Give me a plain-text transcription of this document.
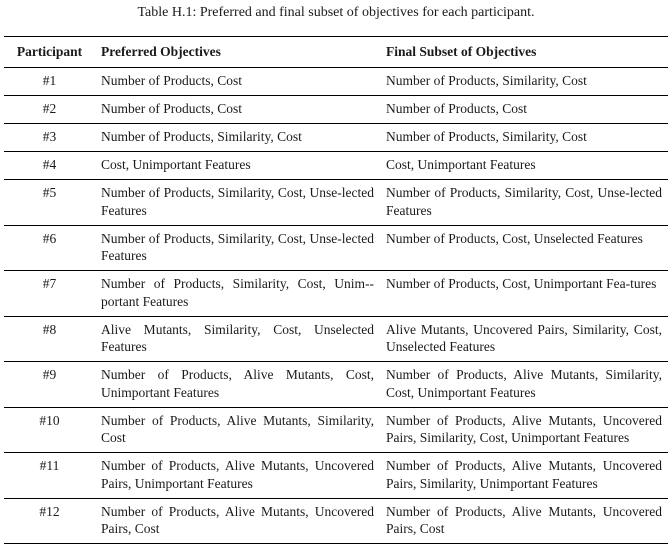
Table H.1: Preferred and final subset of objectives for each participant.
Participant	Preferred Objectives	Final Subset of Objectives
#1	Number of Products, Cost	Number of Products, Similarity, Cost
#2	Number of Products, Cost	Number of Products, Cost
#3	Number of Products, Similarity, Cost	Number of Products, Similarity, Cost
#4	Cost, Unimportant Features	Cost, Unimportant Features
#5	Number of Products, Similarity, Cost, Unse-lected Features	Number of Products, Similarity, Cost, Unse-lected Features
#6	Number of Products, Similarity, Cost, Unse-lected Features	Number of Products, Cost, Unselected Features
#7	Number of Products, Similarity, Cost, Unim-portant Features	Number of Products, Cost, Unimportant Fea-tures
#8	Alive Mutants, Similarity, Cost, Unselected Features	Alive Mutants, Uncovered Pairs, Similarity, Cost, Unselected Features
#9	Number of Products, Alive Mutants, Cost, Unimportant Features	Number of Products, Alive Mutants, Similarity, Cost, Unimportant Features
#10	Number of Products, Alive Mutants, Similarity, Cost	Number of Products, Alive Mutants, Uncovered Pairs, Similarity, Cost, Unimportant Features
#11	Number of Products, Alive Mutants, Uncovered Pairs, Unimportant Features	Number of Products, Alive Mutants, Uncovered Pairs, Similarity, Unimportant Features
#12	Number of Products, Alive Mutants, Uncovered Pairs, Cost	Number of Products, Alive Mutants, Uncovered Pairs, Cost
